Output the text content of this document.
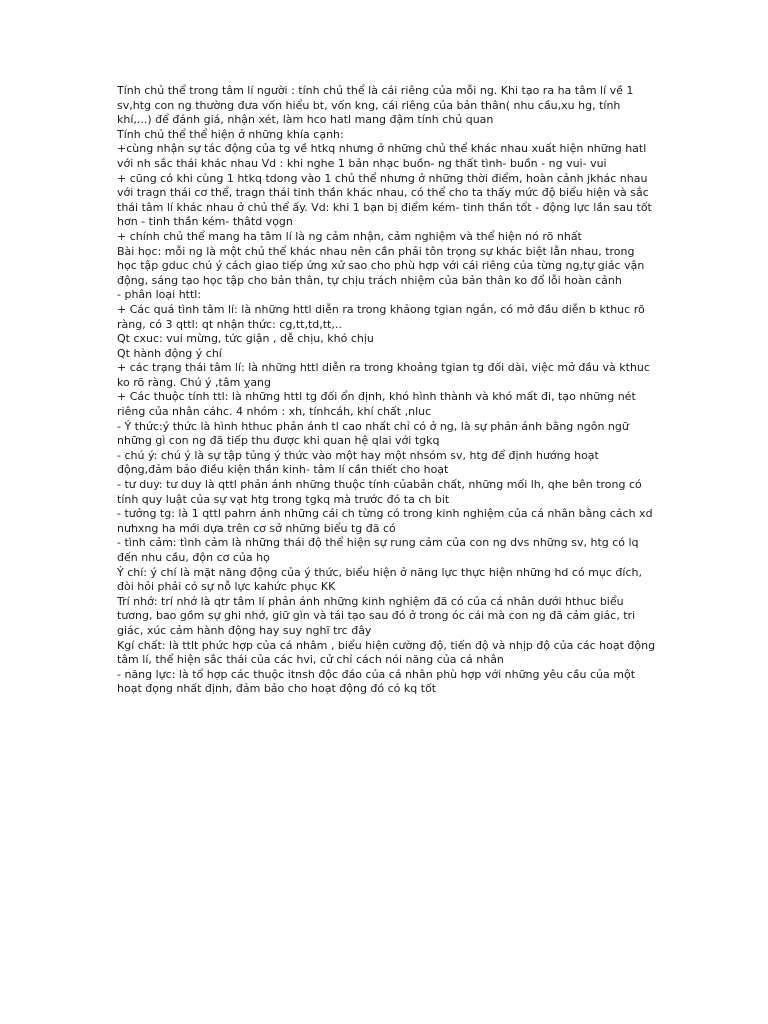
Tính chủ thể trong tâm lí người : tính chủ thể là cái riêng của mỗi ng. Khi tạo ra ha tâm lí về 1 sv,htg con ng thường đưa vốn hiểu bt, vốn kng, cái riêng của bản thân( nhu cầu,xu hg, tính khí,...) để đánh giá, nhận xét, làm hco hatl mang đậm tính chủ quan

Tính chủ thể thể hiện ở những khía cạnh:

+cùng nhận sự tác động của tg về htkq nhưng ở những chủ thể khác nhau xuất hiện những hatl với nh sắc thái khác nhau Vd : khi nghe 1 bản nhạc buồn- ng thất tình- buồn - ng vui- vui

+ cũng có khi cùng 1 htkq tdong vào 1 chủ thể nhưng ở những thời điểm, hoàn cảnh jkhác nhau với tragn thái cơ thể, tragn thái tinh thần khác nhau, có thể cho ta thấy mức độ biểu hiện và sắc thái tâm lí khác nhau ở chủ thể ấy. Vd: khi 1 bạn bị điểm kém- tinh thần tốt - động lực lần sau tốt hơn - tinh thần kém- thâtd vọgn

+ chính chủ thể mang ha tâm lí là ng cảm nhận, cảm nghiệm và thể hiện nó rõ nhất

Bài học: mỗi ng là một chủ thể khác nhau nên cần phải tôn trọng sự khác biệt lẫn nhau, trong học tập gduc chú ý cách giao tiếp ứng xử sao cho phù hợp với cái riêng của từng ng,tự giác vận động, sáng tạo học tập cho bản thân, tự chịu trách nhiệm của bản thân ko đổ lỗi hoàn cảnh

- phân loại httl:

+ Các quá tình tâm lí: là những httl diễn ra trong khảong tgian ngắn, có mở đầu diễn b kthuc rõ ràng, có 3 qttl: qt nhận thức: cg,tt,td,tt,..

Qt cxuc: vui mừng, tức giận , dễ chịu, khó chịu

Qt hành động ý chí

+ các trạng thái tâm lí: là những httl diễn ra trong khoảng tgian tg đối dài, việc mở đầu và kthuc ko rõ ràng. Chú ý ,tâm ỵang

+ Các thuộc tính ttl: là những httl tg đối ổn định, khó hình thành và khó mất đi, tạo những nét riêng của nhân cáhc. 4 nhóm : xh, tínhcáh, khí chất ,nluc

- Ý thức:ý thức là hình hthuc phản ánh tl cao nhất chỉ có ở ng, là sự phản ánh bằng ngôn ngữ những gì con ng đã tiếp thu được khi quan hệ qlai với tgkq

- chú ý: chú ý là sự tập tủng ý thức vào một hay một nhsóm sv, htg để định hướng hoạt động,đảm bảo điều kiện thần kinh- tâm lí cần thiết cho hoạt

- tư duy: tư duy là qttl phản ánh những thuộc tính củabản chất, những mối lh, qhe bên trong có tính quy luật của sự vạt htg trong tgkq mà trước đó ta ch bit

- tưởng tg: là 1 qttl pahrn ánh những cái ch từng có trong kinh nghiệm của cá nhân bằng cách xd nưhxng ha mới dựa trên cơ sở những biểu tg đã có

- tình cảm: tình cảm là những thái độ thể hiện sự rung cảm của con ng dvs những sv, htg có lq đến nhu cầu, độn cơ của họ

Ý chí: ý chí là mặt năng động của ý thức, biểu hiện ở năng lực thực hiện những hd có mục đích, đòi hỏi phải có sự nỗ lực kahức phục KK

Trí nhớ: trí nhớ là qtr tâm lí phản ánh những kinh nghiệm đã có của cá nhân dưới hthuc biểu tương, bao gồm sự ghi nhớ, giữ gìn và tái tạo sau đó ở trong óc cái mà con ng đã cảm giác, tri giác, xúc cảm hành động hay suy nghĩ trc đây

Kgí chất: là ttlt phức hợp của cá nhâm , biểu hiện cường độ, tiến độ và nhịp độ của các hoạt động tâm lí, thể hiện sắc thái của các hvi, cử chỉ cách nói năng của cá nhân

- năng lực: là tổ hợp các thuộc itnsh độc đáo của cá nhân phù hợp với những yêu cầu của một hoạt đọng nhất định, đảm bảo cho hoạt động đó có kq tốt
